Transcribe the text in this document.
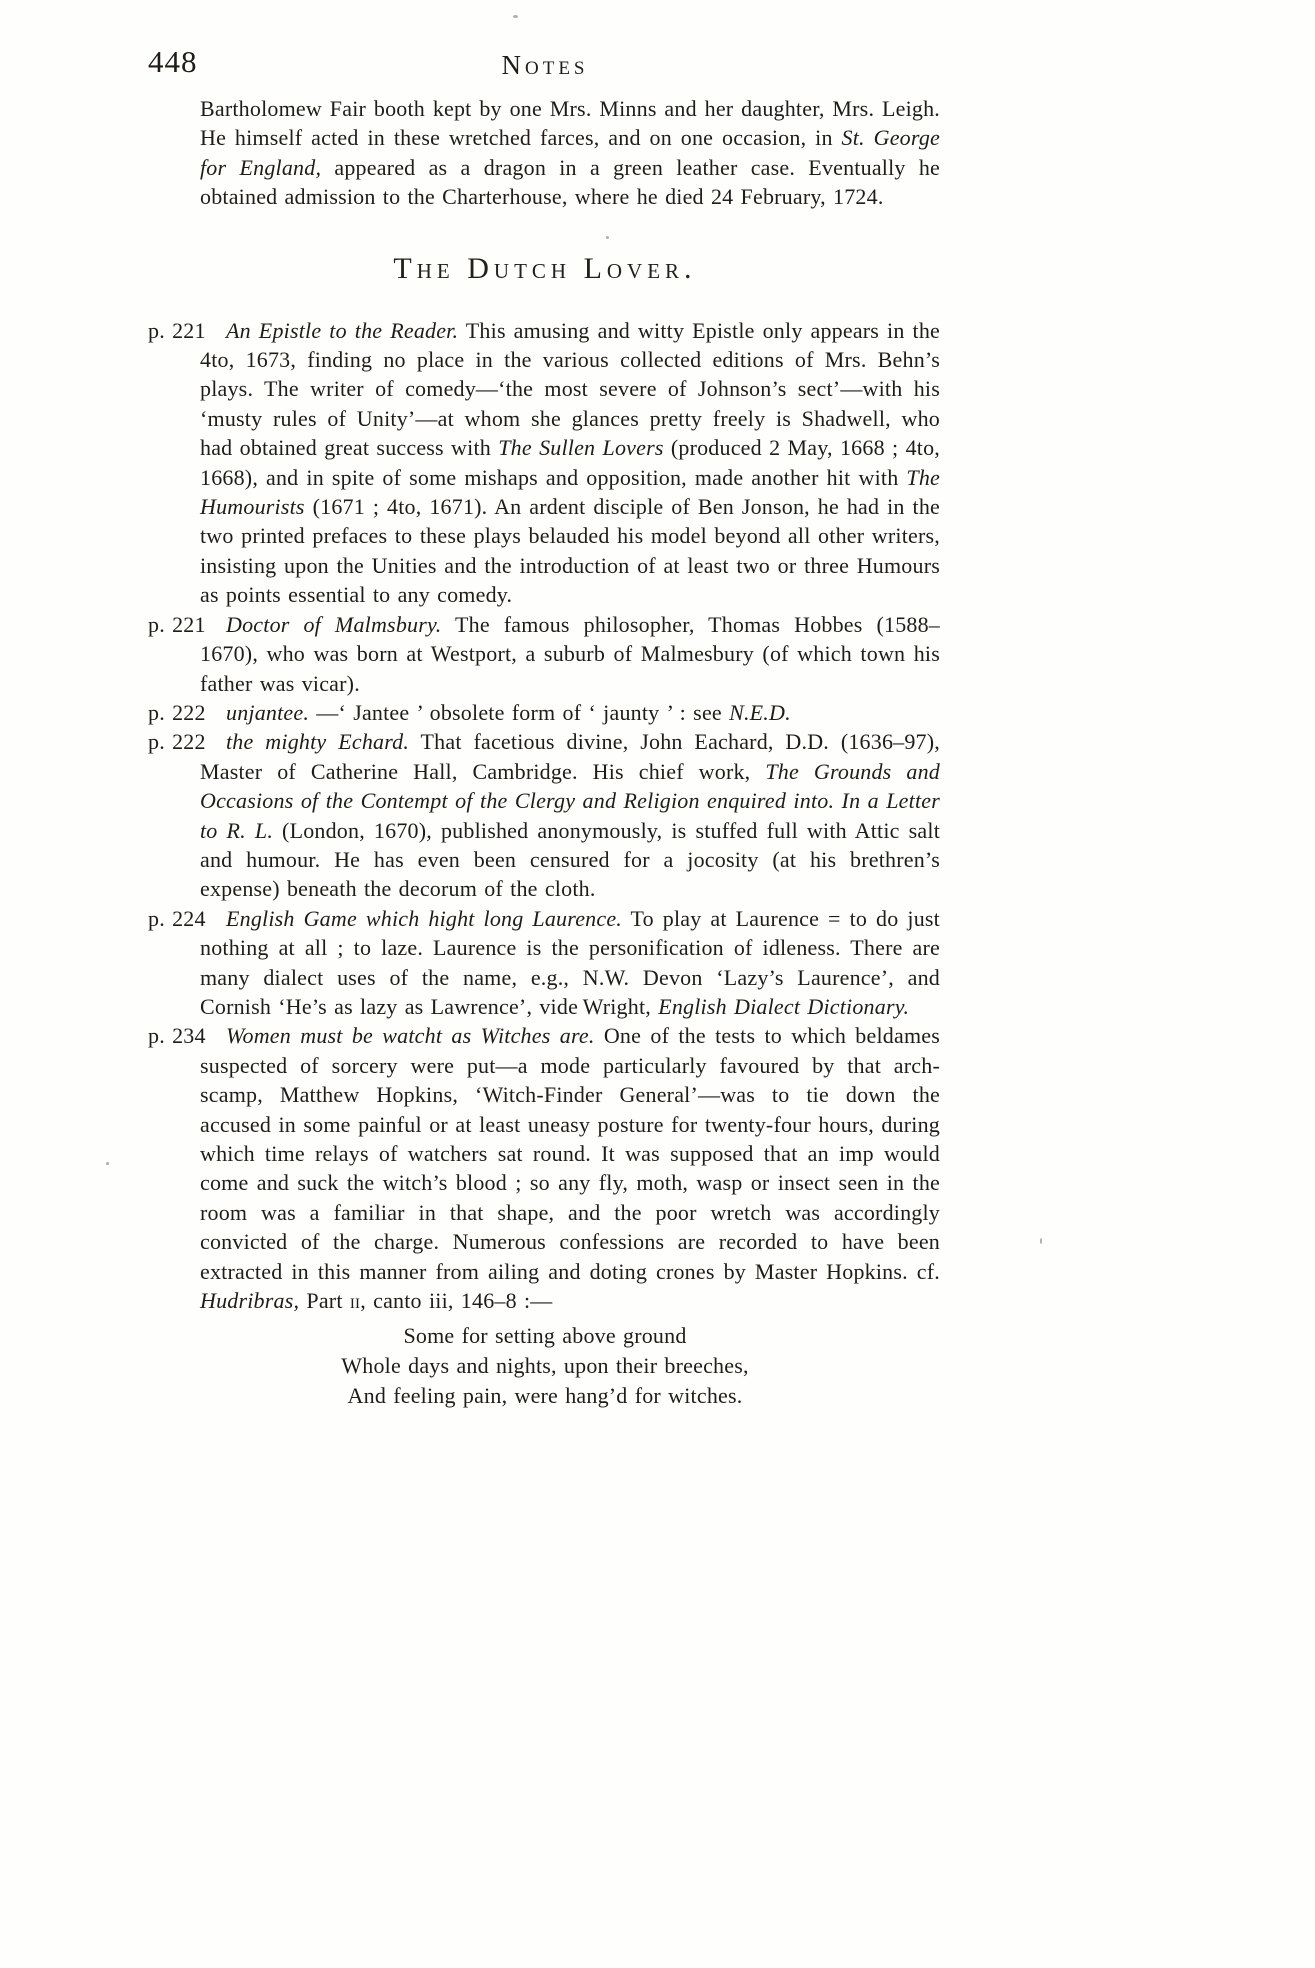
448	Notes

Bartholomew Fair booth kept by one Mrs. Minns and her daughter, Mrs. Leigh. He himself acted in these wretched farces, and on one occasion, in St. George for England, appeared as a dragon in a green leather case. Eventually he obtained admission to the Charterhouse, where he died 24 February, 1724.

The Dutch Lover.
p. 221 An Epistle to the Reader. This amusing and witty Epistle only appears in the 4to, 1673, finding no place in the various collected editions of Mrs. Behn’s plays. The writer of comedy—‘the most severe of Johnson’s sect’—with his ‘musty rules of Unity’—at whom she glances pretty freely is Shadwell, who had obtained great success with The Sullen Lovers (produced 2 May, 1668 ; 4to, 1668), and in spite of some mishaps and opposition, made another hit with The Humourists (1671 ; 4to, 1671). An ardent disciple of Ben Jonson, he had in the two printed prefaces to these plays belauded his model beyond all other writers, insisting upon the Unities and the introduction of at least two or three Humours as points essential to any comedy.
p. 221 Doctor of Malmsbury. The famous philosopher, Thomas Hobbes (1588–1670), who was born at Westport, a suburb of Malmesbury (of which town his father was vicar).
p. 222 unjantee. —‘ Jantee ’ obsolete form of ‘ jaunty ’ : see N.E.D.
p. 222 the mighty Echard. That facetious divine, John Eachard, D.D. (1636–97), Master of Catherine Hall, Cambridge. His chief work, The Grounds and Occasions of the Contempt of the Clergy and Religion enquired into. In a Letter to R. L. (London, 1670), published anonymously, is stuffed full with Attic salt and humour. He has even been censured for a jocosity (at his brethren’s expense) beneath the decorum of the cloth.
p. 224 English Game which hight long Laurence. To play at Laurence = to do just nothing at all ; to laze. Laurence is the personification of idleness. There are many dialect uses of the name, e.g., N.W. Devon ‘Lazy’s Laurence’, and Cornish ‘He’s as lazy as Lawrence’, vide Wright, English Dialect Dictionary.
p. 234 Women must be watcht as Witches are. One of the tests to which beldames suspected of sorcery were put—a mode particularly favoured by that arch-scamp, Matthew Hopkins, ‘Witch-Finder General’—was to tie down the accused in some painful or at least uneasy posture for twenty-four hours, during which time relays of watchers sat round. It was supposed that an imp would come and suck the witch’s blood ; so any fly, moth, wasp or insect seen in the room was a familiar in that shape, and the poor wretch was accordingly convicted of the charge. Numerous confessions are recorded to have been extracted in this manner from ailing and doting crones by Master Hopkins. cf. Hudribras, Part ii, canto iii, 146–8 :—
Some for setting above ground
Whole days and nights, upon their breeches,
And feeling pain, were hang’d for witches.
